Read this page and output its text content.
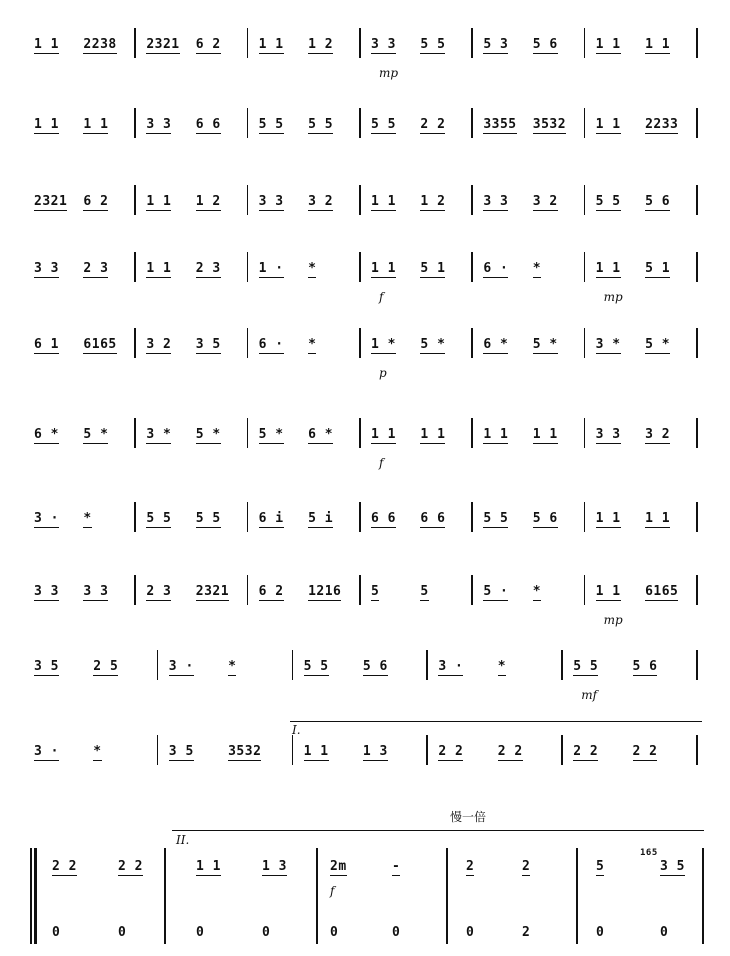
1 1 2238 2321 6 2	1 1 1 2	3 3 5 5	5 3 5 6	1 1 1 1
mp
1 1 1 1	3 3 6 6	5 5 5 5	5 5 2 2	3355 3532 1 1 2233
2321 6 2	1 1 1 2	3 3 3 2	1 1 1 2	3 3 3 2	5 5 5 6
3 3 2 3	1 1 2 3	1 · *	1 1 5 1	6 · *	1 1 5 1
f	mp
6 1 6165 3 2 3 5	6 · *	1 * 5 *	6 * 5 *	3 * 5 *
p
6 * 5 *	3 * 5 *	5 * 6 *	1 1 1 1	1 1 1 1	3 3 3 2
f
3 · *	5 5 5 5	6 i 5 i	6 6 6 6	5 5 5 6	1 1 1 1
3 3 3 3	2 3 2321 6 2 1216 5	5	5 · *	1 1 6165
mp
3 5	2 5	3 ·	*	5 5	5 6	3 ·	*	5 5	5 6
mf
3 ·	*	3 5	3532	1 1	1 3	2 2	2 2	2 2	2 2
I.
慢一倍
II.
2 2	2 2	1 1	1 3	2m	-	2	2	5	3 5
0	0	0	0	0	0	0	2	0	0
f
165
